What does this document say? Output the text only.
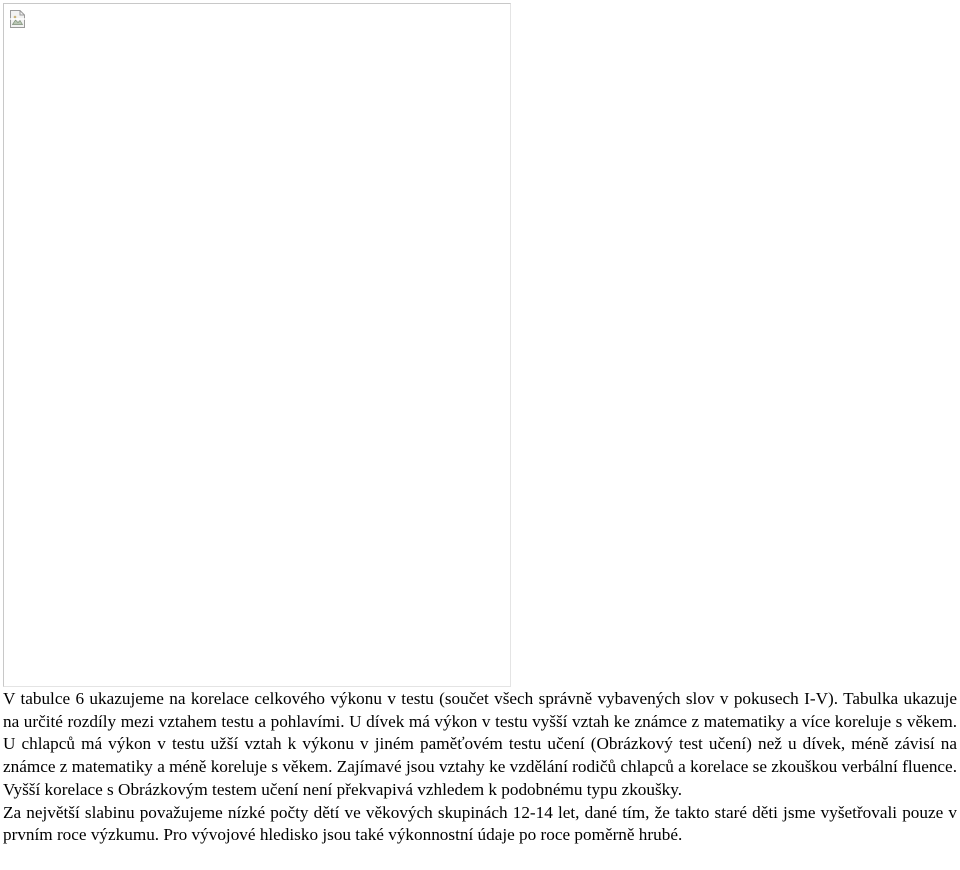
V tabulce 6 ukazujeme na korelace celkového výkonu v testu (součet všech správně vybavených slov v pokusech I-V). Tabulka ukazuje na určité rozdíly mezi vztahem testu a pohlavími. U dívek má výkon v testu vyšší vztah ke známce z matematiky a více koreluje s věkem. U chlapců má výkon v testu užší vztah k výkonu v jiném paměťovém testu učení (Obrázkový test učení) než u dívek, méně závisí na známce z matematiky a méně koreluje s věkem. Zajímavé jsou vztahy ke vzdělání rodičů chlapců a korelace se zkouškou verbální fluence. Vyšší korelace s Obrázkovým testem učení není překvapivá vzhledem k podobnému typu zkoušky.

Za největší slabinu považujeme nízké počty dětí ve věkových skupinách 12-14 let, dané tím, že takto staré děti jsme vyšetřovali pouze v prvním roce výzkumu. Pro vývojové hledisko jsou také výkonnostní údaje po roce poměrně hrubé.
